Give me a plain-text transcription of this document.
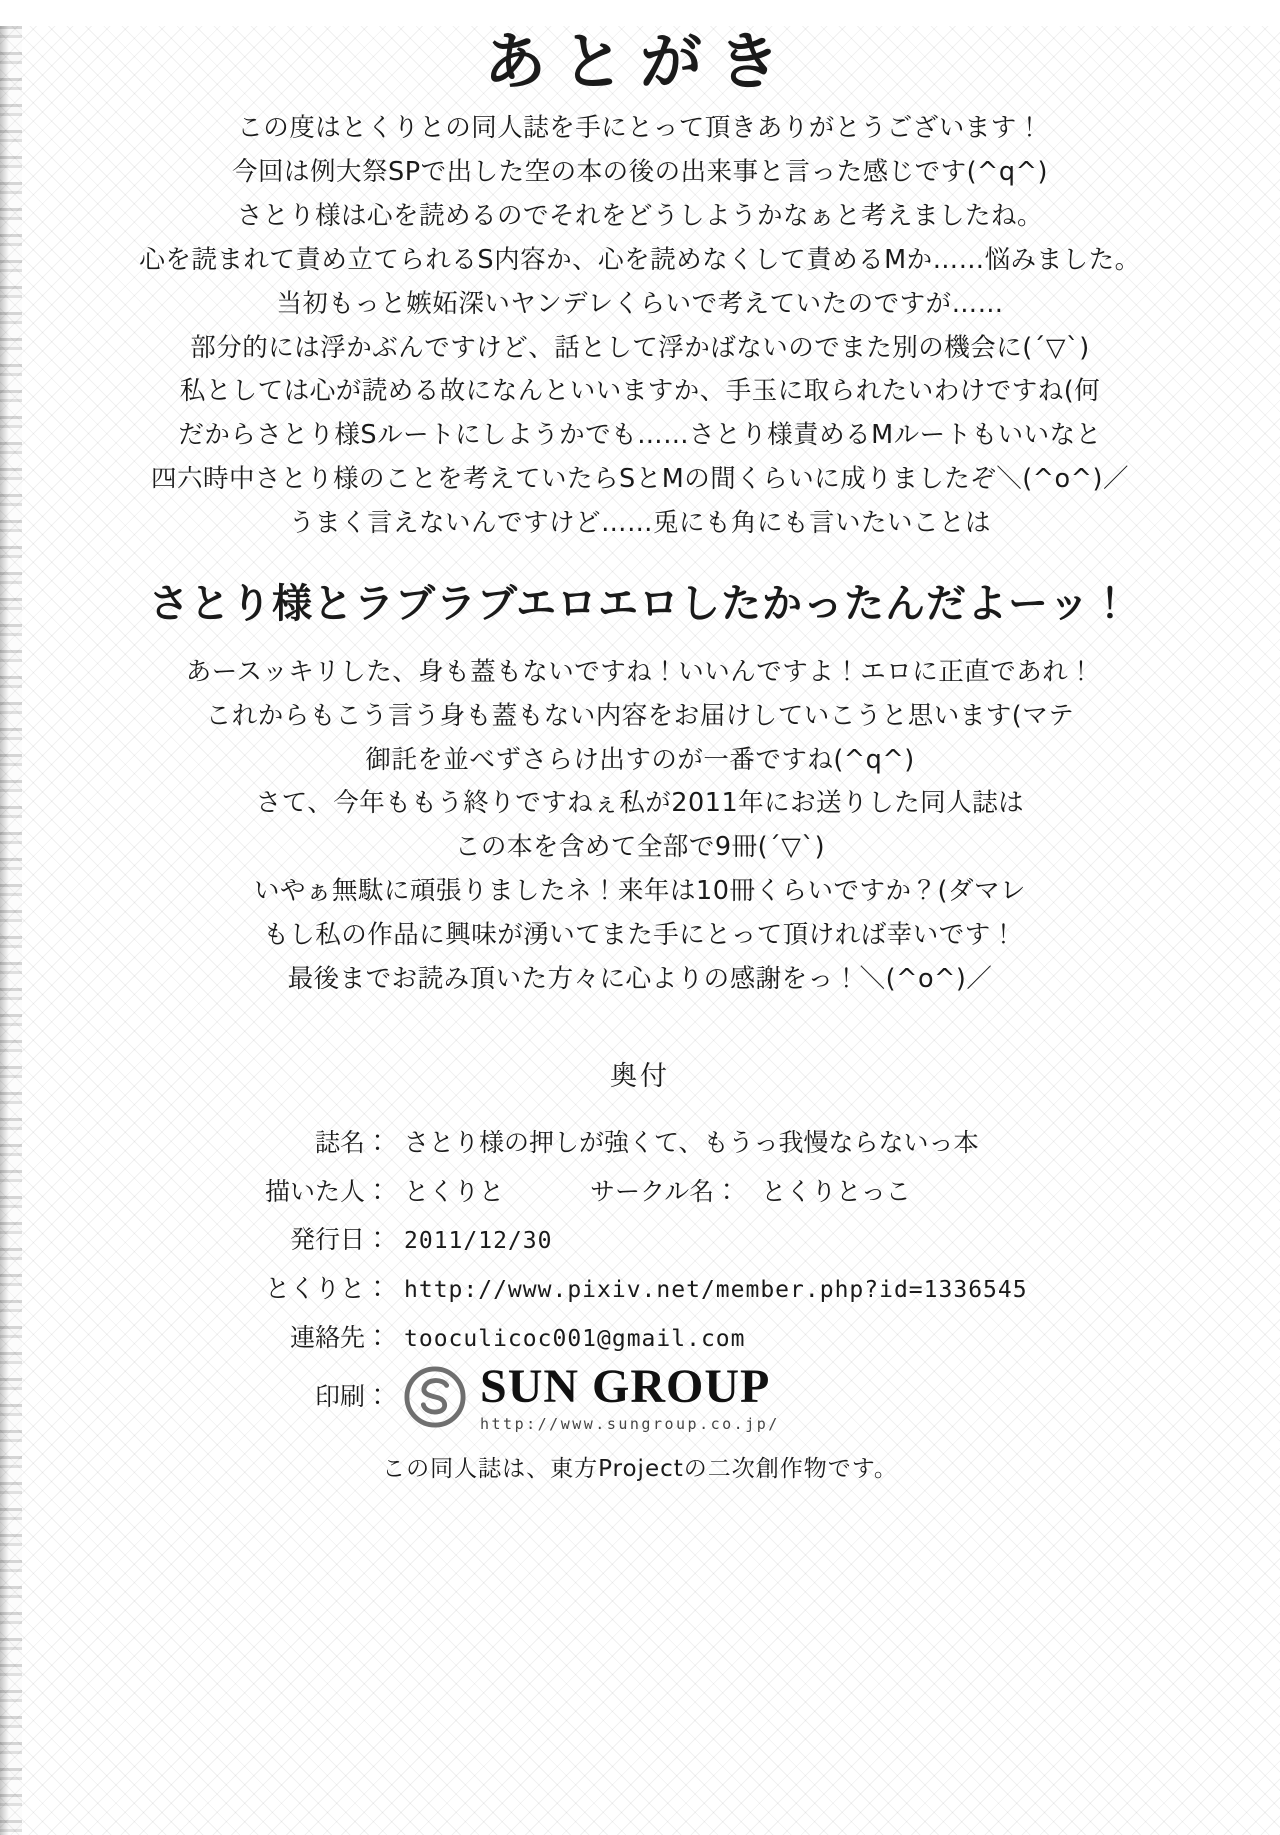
あとがき
この度はとくりとの同人誌を手にとって頂きありがとうございます！
今回は例大祭SPで出した空の本の後の出来事と言った感じです(^q^)
さとり様は心を読めるのでそれをどうしようかなぁと考えましたね。
心を読まれて責め立てられるS内容か、心を読めなくして責めるMか……悩みました。
当初もっと嫉妬深いヤンデレくらいで考えていたのですが……
部分的には浮かぶんですけど、話として浮かばないのでまた別の機会に(´▽`)
私としては心が読める故になんといいますか、手玉に取られたいわけですね(何
だからさとり様Sルートにしようかでも……さとり様責めるMルートもいいなと
四六時中さとり様のことを考えていたらSとMの間くらいに成りましたぞ＼(^o^)／
うまく言えないんですけど……兎にも角にも言いたいことは
さとり様とラブラブエロエロしたかったんだよーッ！
あースッキリした、身も蓋もないですね！いいんですよ！エロに正直であれ！
これからもこう言う身も蓋もない内容をお届けしていこうと思います(マテ
御託を並べずさらけ出すのが一番ですね(^q^)
さて、今年ももう終りですねぇ私が2011年にお送りした同人誌は
この本を含めて全部で9冊(´▽`)
いやぁ無駄に頑張りましたネ！来年は10冊くらいですか？(ダマレ
もし私の作品に興味が湧いてまた手にとって頂ければ幸いです！
最後までお読み頂いた方々に心よりの感謝をっ！＼(^o^)／
奥付
誌名： さとり様の押しが強くて、もうっ我慢ならないっ本
描いた人： とくりと	サークル名： とくりとっこ
発行日： 2011/12/30
とくりと： http://www.pixiv.net/member.php?id=1336545
連絡先： tooculicoc001@gmail.com
印刷： SUN GROUP
http://www.sungroup.co.jp/
この同人誌は、東方Projectの二次創作物です。
